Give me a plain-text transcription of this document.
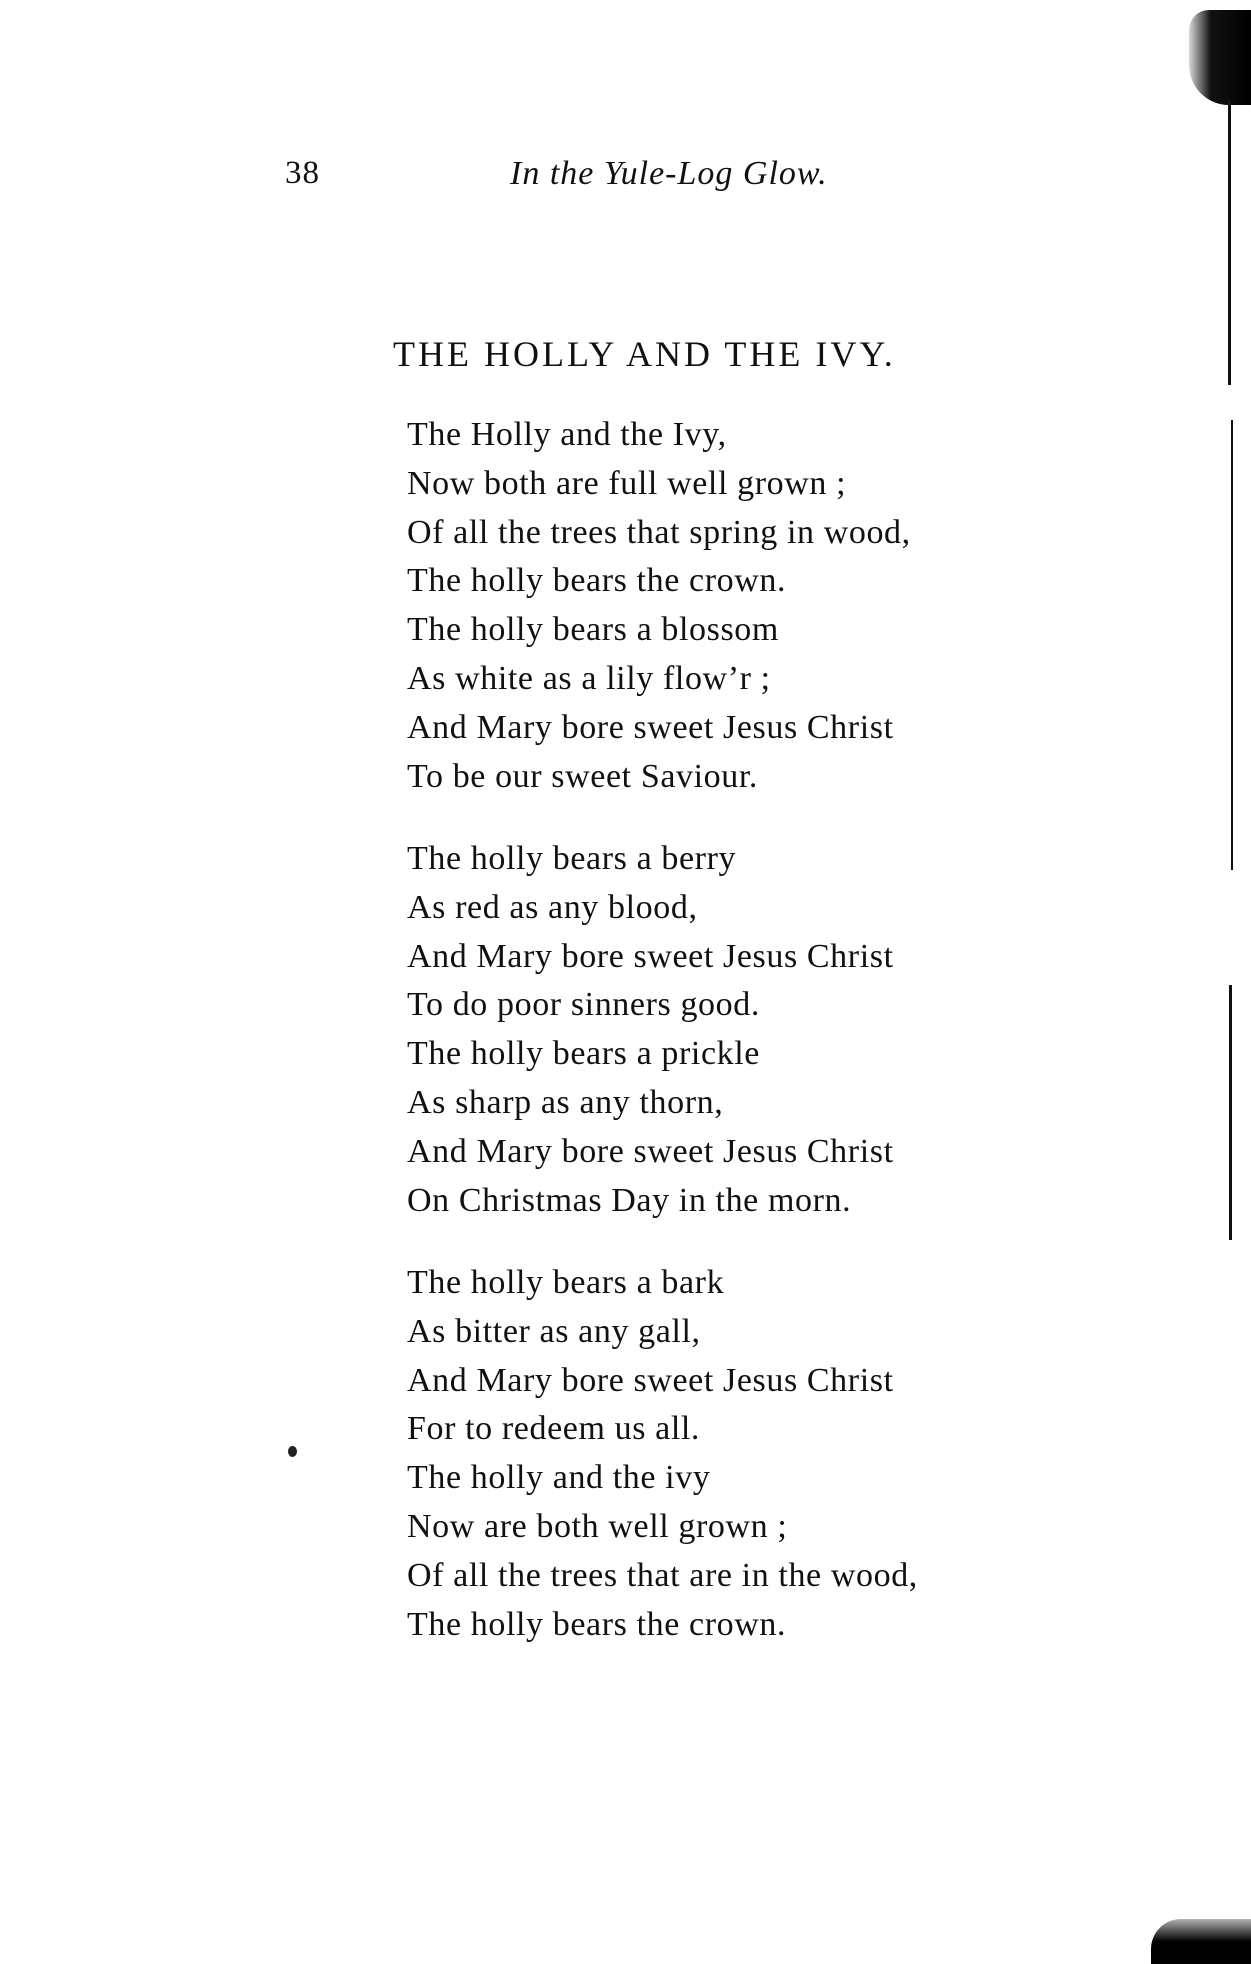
38	In the Yule-Log Glow.
THE HOLLY AND THE IVY.
The Holly and the Ivy,
Now both are full well grown ;
Of all the trees that spring in wood,
The holly bears the crown.
The holly bears a blossom
As white as a lily flow’r ;
And Mary bore sweet Jesus Christ
To be our sweet Saviour.
The holly bears a berry
As red as any blood,
And Mary bore sweet Jesus Christ
To do poor sinners good.
The holly bears a prickle
As sharp as any thorn,
And Mary bore sweet Jesus Christ
On Christmas Day in the morn.
The holly bears a bark
As bitter as any gall,
And Mary bore sweet Jesus Christ
For to redeem us all.
The holly and the ivy
Now are both well grown ;
Of all the trees that are in the wood,
The holly bears the crown.
